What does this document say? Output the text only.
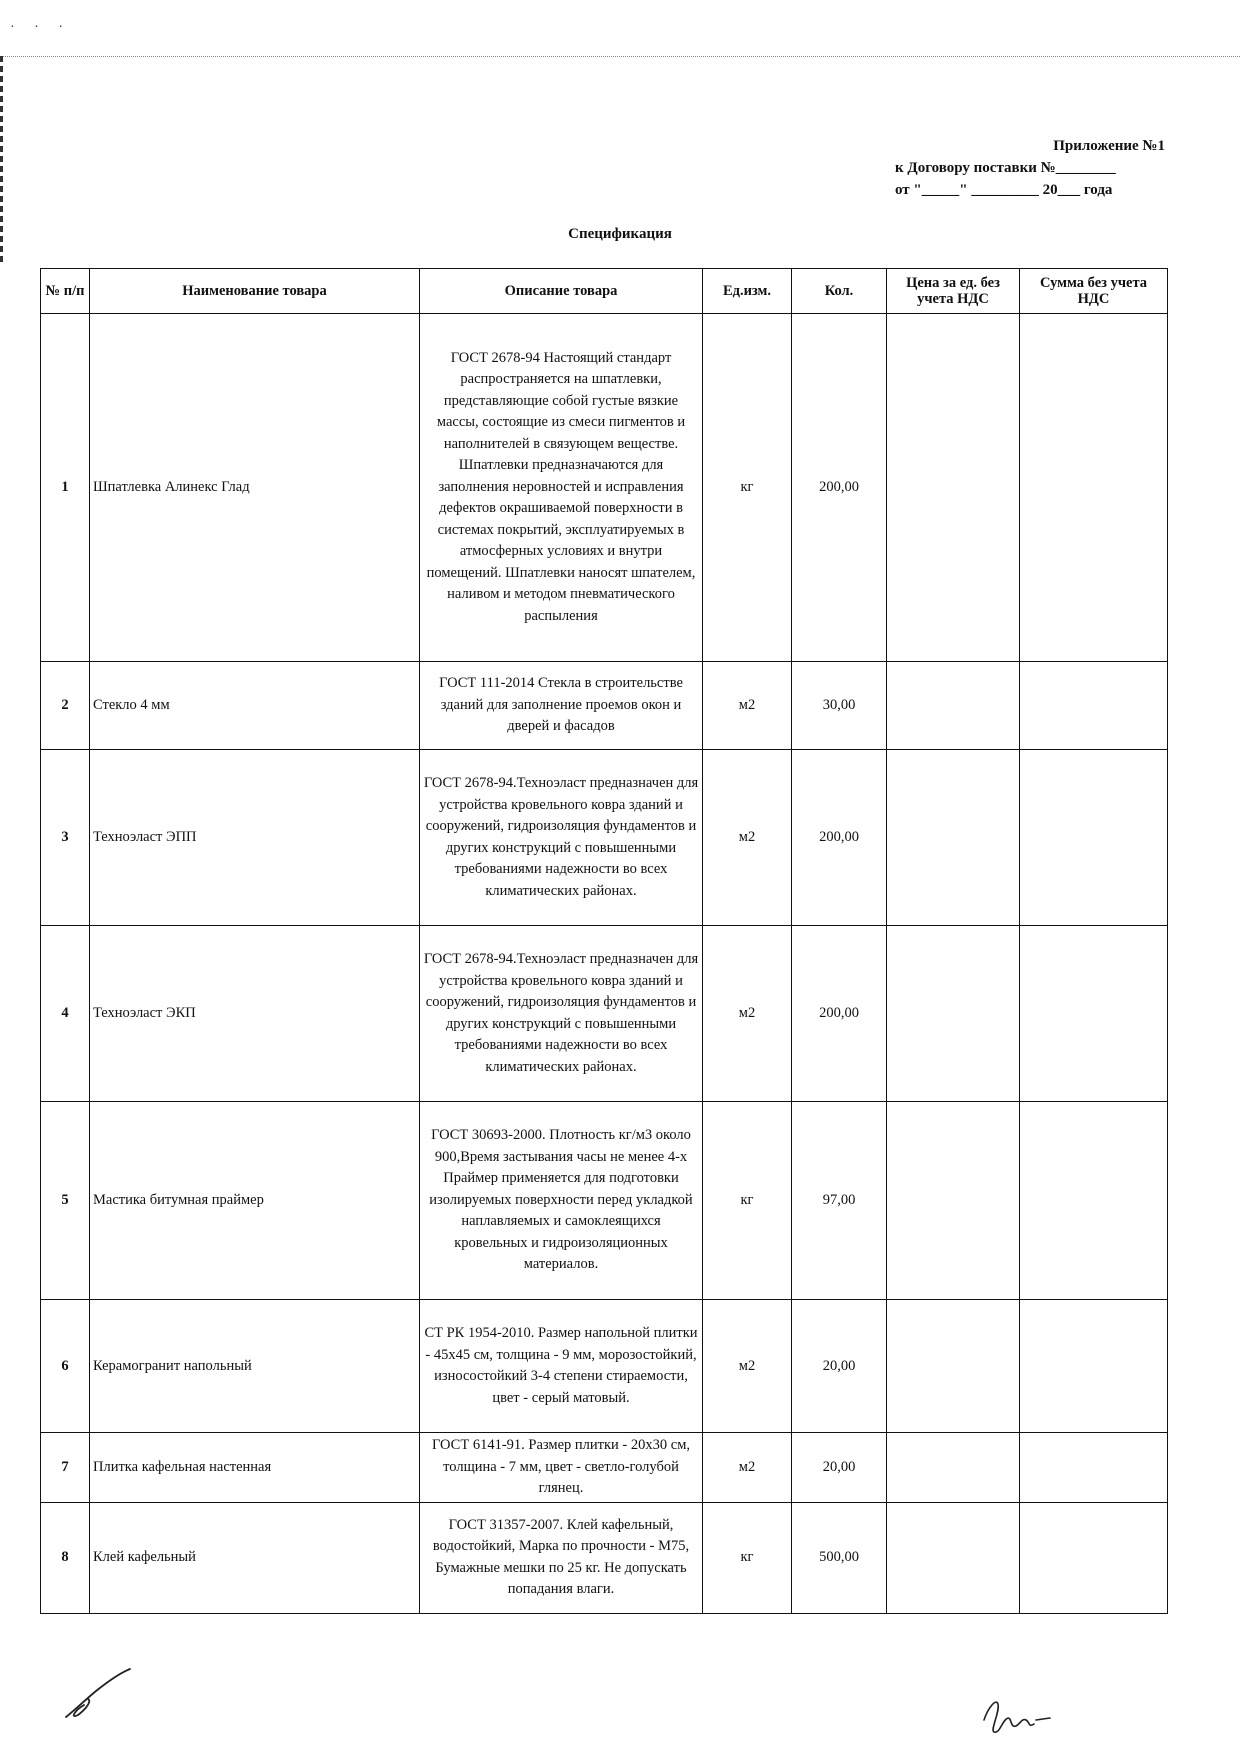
· · ·
Приложение №1
к Договору поставки №________
от "_____" _________ 20___ года
Спецификация
№ п/п	Наименование товара	Описание товара	Ед.изм.	Кол.	Цена за ед. без учета НДС	Сумма без учета НДС
1	Шпатлевка Алинекс Глад	ГОСТ 2678-94 Настоящий стандарт распространяется на шпатлевки, представляющие собой густые вязкие массы, состоящие из смеси пигментов и наполнителей в связующем веществе. Шпатлевки предназначаются для заполнения неровностей и исправления дефектов окрашиваемой поверхности в системах покрытий, эксплуатируемых в атмосферных условиях и внутри помещений. Шпатлевки наносят шпателем, наливом и методом пневматического распыления	кг	200,00		
2	Стекло 4 мм	ГОСТ 111-2014 Стекла в строительстве зданий для заполнение проемов окон и дверей и фасадов	м2	30,00		
3	Техноэласт ЭПП	ГОСТ 2678-94.Техноэласт предназначен для устройства кровельного ковра зданий и сооружений, гидроизоляция фундаментов и других конструкций с повышенными требованиями надежности во всех климатических районах.	м2	200,00		
4	Техноэласт ЭКП	ГОСТ 2678-94.Техноэласт предназначен для устройства кровельного ковра зданий и сооружений, гидроизоляция фундаментов и других конструкций с повышенными требованиями надежности во всех климатических районах.	м2	200,00		
5	Мастика битумная праймер	ГОСТ 30693-2000. Плотность кг/м3 около 900,Время застывания часы не менее 4-х Праймер применяется для подготовки изолируемых поверхности перед укладкой наплавляемых и самоклеящихся кровельных и гидроизоляционных материалов.	кг	97,00		
6	Керамогранит напольный	СТ РК 1954-2010. Размер напольной плитки - 45х45 см, толщина - 9 мм, морозостойкий, износостойкий 3-4 степени стираемости, цвет - серый матовый.	м2	20,00		
7	Плитка кафельная настенная	ГОСТ 6141-91. Размер плитки - 20х30 см, толщина - 7 мм, цвет - светло-голубой глянец.	м2	20,00		
8	Клей кафельный	ГОСТ 31357-2007. Клей кафельный, водостойкий, Марка по прочности - М75, Бумажные мешки по 25 кг. Не допускать попадания влаги.	кг	500,00		
